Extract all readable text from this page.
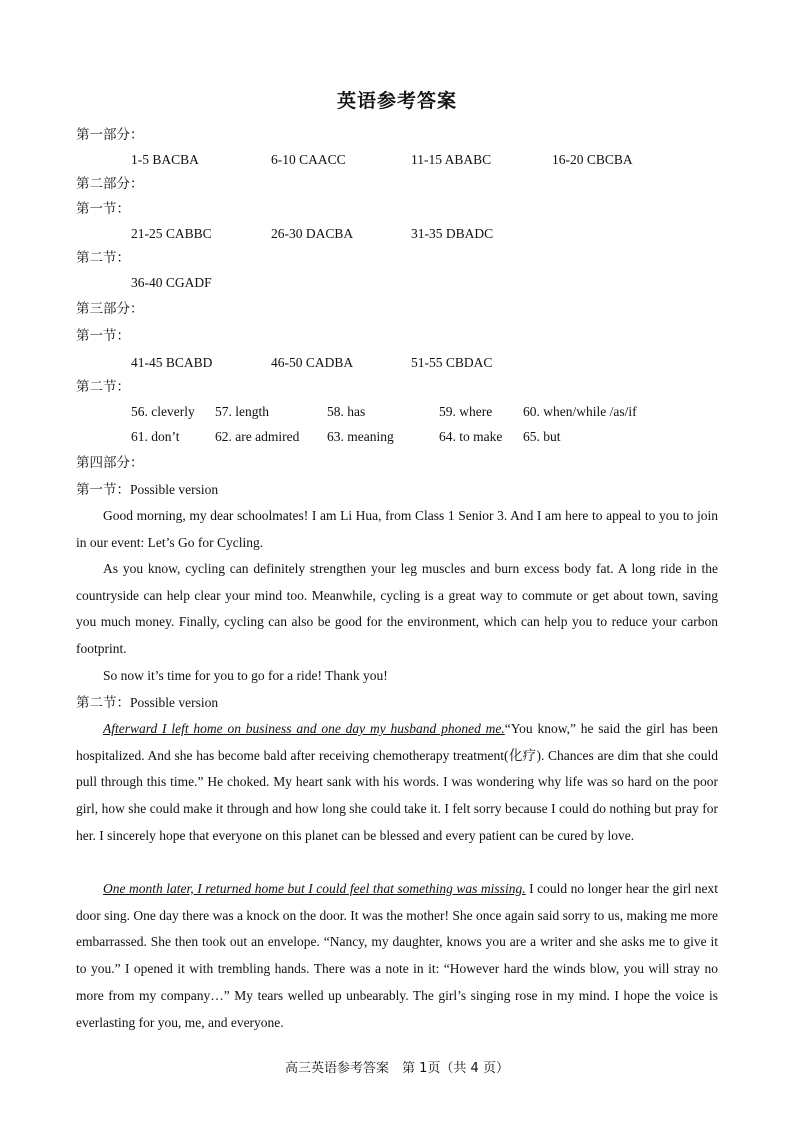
英语参考答案
第一部分：
1-5 BACBA	6-10 CAACC	11-15 ABABC	16-20 CBCBA
第二部分：
第一节：
21-25 CABBC	26-30 DACBA	31-35 DBADC
第二节：
36-40 CGADF
第三部分：
第一节：
41-45 BCABD	46-50 CADBA	51-55 CBDAC
第二节：
56. cleverly 57. length	58. has	59. where 60. when/while /as/if
61. don’t	62. are admired 63. meaning	64. to make 65. but
第四部分：
第一节：Possible version

Good morning, my dear schoolmates! I am Li Hua, from Class 1 Senior 3. And I am here to appeal to you to join in our event: Let’s Go for Cycling.

As you know, cycling can definitely strengthen your leg muscles and burn excess body fat. A long ride in the countryside can help clear your mind too. Meanwhile, cycling is a great way to commute or get about town, saving you much money. Finally, cycling can also be good for the environment, which can help you to reduce your carbon footprint.

So now it’s time for you to go for a ride! Thank you!

第二节：Possible version

Afterward I left home on business and one day my husband phoned me.“You know,” he said the girl has been hospitalized. And she has become bald after receiving chemotherapy treatment(化疗). Chances are dim that she could pull through this time.” He choked. My heart sank with his words. I was wondering why life was so hard on the poor girl, how she could make it through and how long she could take it. I felt sorry because I could do nothing but pray for her. I sincerely hope that everyone on this planet can be blessed and every patient can be cured by love.

One month later, I returned home but I could feel that something was missing. I could no longer hear the girl next door sing. One day there was a knock on the door. It was the mother! She once again said sorry to us, making me more embarrassed. She then took out an envelope. “Nancy, my daughter, knows you are a writer and she asks me to give it to you.” I opened it with trembling hands. There was a note in it: “However hard the winds blow, you will stray no more from my company…” My tears welled up unbearably. The girl’s singing rose in my mind. I hope the voice is everlasting for you, me, and everyone.

高三英语参考答案　第 1页（共 4 页）
